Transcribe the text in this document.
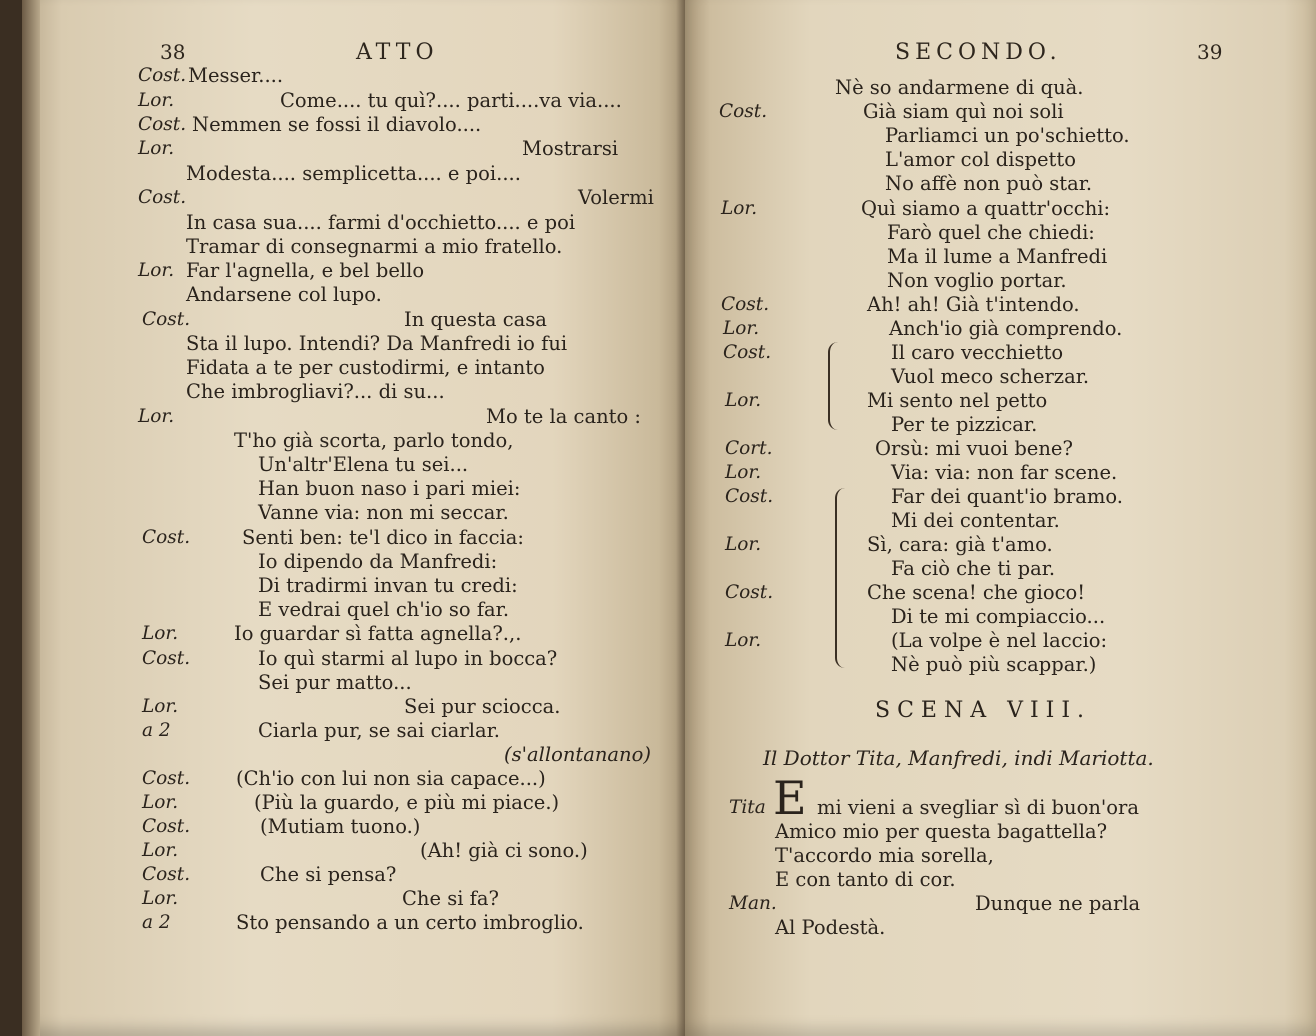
38	ATTO
Cost. Messer....
Lor.	Come.... tu quì?.... parti....va via....
Cost. Nemmen se fossi il diavolo....
Lor.	Mostrarsi
Modesta.... semplicetta.... e poi....
Cost.	Volermi
In casa sua.... farmi d'occhietto.... e poi
Tramar di consegnarmi a mio fratello.
Lor. Far l'agnella, e bel bello
Andarsene col lupo.
Cost.	In questa casa
Sta il lupo. Intendi? Da Manfredi io fui
Fidata a te per custodirmi, e intanto
Che imbrogliavi?... di su...
Lor.	Mo te la canto :
T'ho già scorta, parlo tondo,
Un'altr'Elena tu sei...
Han buon naso i pari miei:
Vanne via: non mi seccar.
Cost.	Senti ben: te'l dico in faccia:
Io dipendo da Manfredi:
Di tradirmi invan tu credi:
E vedrai quel ch'io so far.
Lor.	Io guardar sì fatta agnella?.,.
Cost.	Io quì starmi al lupo in bocca?
Sei pur matto...
Lor.	Sei pur sciocca.
a 2	Ciarla pur, se sai ciarlar.
(s'allontanano)
Cost. (Ch'io con lui non sia capace...)
Lor.	(Più la guardo, e più mi piace.)
Cost.	(Mutiam tuono.)
Lor.	(Ah! già ci sono.)
Cost.	Che si pensa?
Lor.	Che si fa?
a 2	Sto pensando a un certo imbroglio.
SECONDO.	39
Nè so andarmene di quà.
Cost.	Già siam quì noi soli
Parliamci un po'schietto.
L'amor col dispetto
No affè non può star.
Lor.	Quì siamo a quattr'occhi:
Farò quel che chiedi:
Ma il lume a Manfredi
Non voglio portar.
Cost.	Ah! ah! Già t'intendo.
Lor.	Anch'io già comprendo.
Cost.	Il caro vecchietto
Vuol meco scherzar.
Lor.	Mi sento nel petto
Per te pizzicar.
Cort.	Orsù: mi vuoi bene?
Lor.	Via: via: non far scene.
Cost.	Far dei quant'io bramo.
Mi dei contentar.
Lor.	Sì, cara: già t'amo.
Fa ciò che ti par.
Cost.	Che scena! che gioco!
Di te mi compiaccio...
Lor.	(La volpe è nel laccio:
Nè può più scappar.)
SCENA VIII.
Il Dottor Tita, Manfredi, indi Mariotta.
Tita E mi vieni a svegliar sì di buon'ora
Amico mio per questa bagattella?
T'accordo mia sorella,
E con tanto di cor.
Man.	Dunque ne parla
Al Podestà.
